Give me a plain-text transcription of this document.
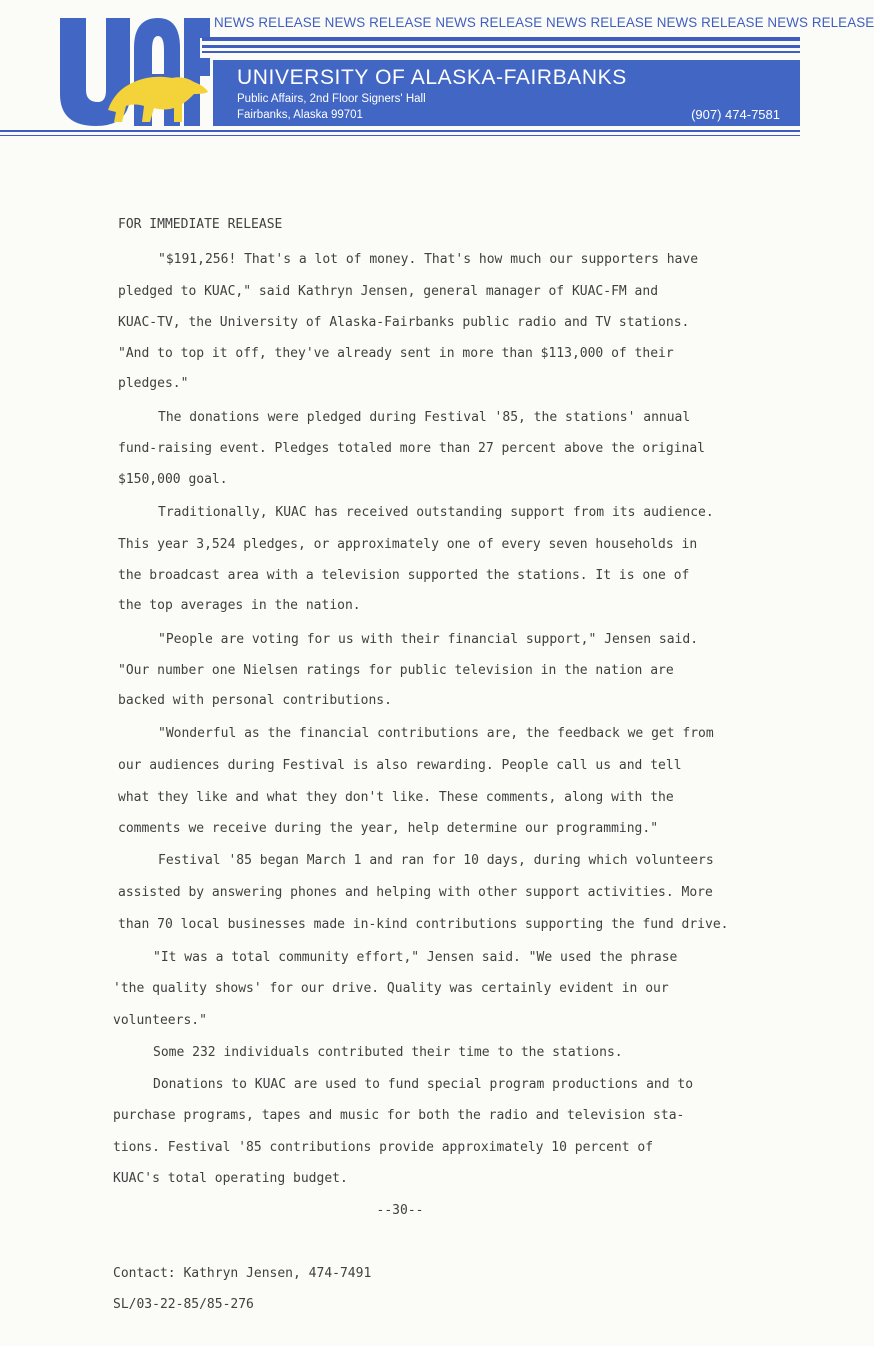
NEWS RELEASE NEWS RELEASE NEWS RELEASE NEWS RELEASE NEWS RELEASE NEWS RELEASE
UNIVERSITY OF ALASKA-FAIRBANKS
Public Affairs, 2nd Floor Signers' Hall
Fairbanks, Alaska 99701	(907) 474-7581
FOR IMMEDIATE RELEASE
"$191,256! That's a lot of money. That's how much our supporters have
pledged to KUAC," said Kathryn Jensen, general manager of KUAC-FM and
KUAC-TV, the University of Alaska-Fairbanks public radio and TV stations.
"And to top it off, they've already sent in more than $113,000 of their
pledges."
The donations were pledged during Festival '85, the stations' annual
fund-raising event. Pledges totaled more than 27 percent above the original
$150,000 goal.
Traditionally, KUAC has received outstanding support from its audience.
This year 3,524 pledges, or approximately one of every seven households in
the broadcast area with a television supported the stations. It is one of
the top averages in the nation.
"People are voting for us with their financial support," Jensen said.
"Our number one Nielsen ratings for public television in the nation are
backed with personal contributions.
"Wonderful as the financial contributions are, the feedback we get from
our audiences during Festival is also rewarding. People call us and tell
what they like and what they don't like. These comments, along with the
comments we receive during the year, help determine our programming."
Festival '85 began March 1 and ran for 10 days, during which volunteers
assisted by answering phones and helping with other support activities. More
than 70 local businesses made in-kind contributions supporting the fund drive.
"It was a total community effort," Jensen said. "We used the phrase
'the quality shows' for our drive. Quality was certainly evident in our
volunteers."
Some 232 individuals contributed their time to the stations.
Donations to KUAC are used to fund special program productions and to
purchase programs, tapes and music for both the radio and television sta-
tions. Festival '85 contributions provide approximately 10 percent of
KUAC's total operating budget.
--30--
Contact: Kathryn Jensen, 474-7491
SL/03-22-85/85-276
